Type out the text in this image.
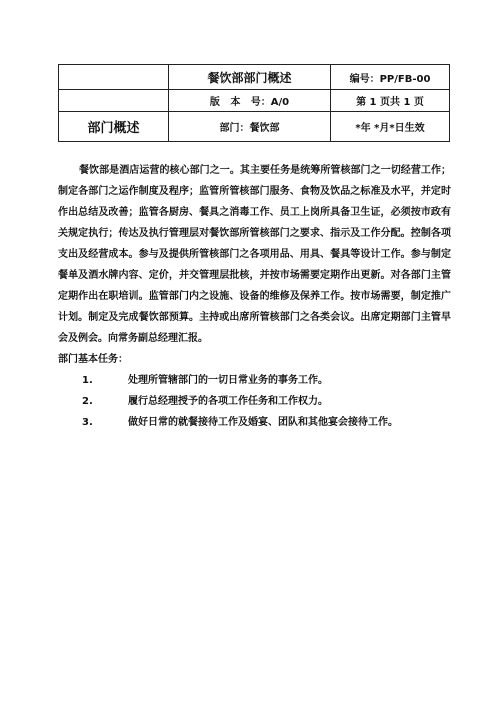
	餐饮部部门概述	编号：PP/FB-00
	版   本   号：A/0	第 1 页共 1 页
部门概述	部门：餐饮部	*年 *月*日生效

餐饮部是酒店运营的核心部门之一。其主要任务是统筹所管核部门之一切经营工作；制定各部门之运作制度及程序；监管所管核部门服务、食物及饮品之标准及水平，并定时作出总结及改善；监管各厨房、餐具之消毒工作、员工上岗所具备卫生证，必须按市政有关规定执行；传达及执行管理层对餐饮部所管核部门之要求、指示及工作分配。控制各项支出及经营成本。参与及提供所管核部门之各项用品、用具、餐具等设计工作。参与制定餐单及酒水牌内容、定价，并交管理层批核，并按市场需要定期作出更新。对各部门主管定期作出在职培训。监管部门内之设施、设备的维修及保养工作。按市场需要，制定推广计划。制定及完成餐饮部预算。主持或出席所管核部门之各类会议。出席定期部门主管早会及例会。向常务副总经理汇报。

部门基本任务：
1.	处理所管辖部门的一切日常业务的事务工作。
2.	履行总经理授予的各项工作任务和工作权力。
3.	做好日常的就餐接待工作及婚宴、团队和其他宴会接待工作。
